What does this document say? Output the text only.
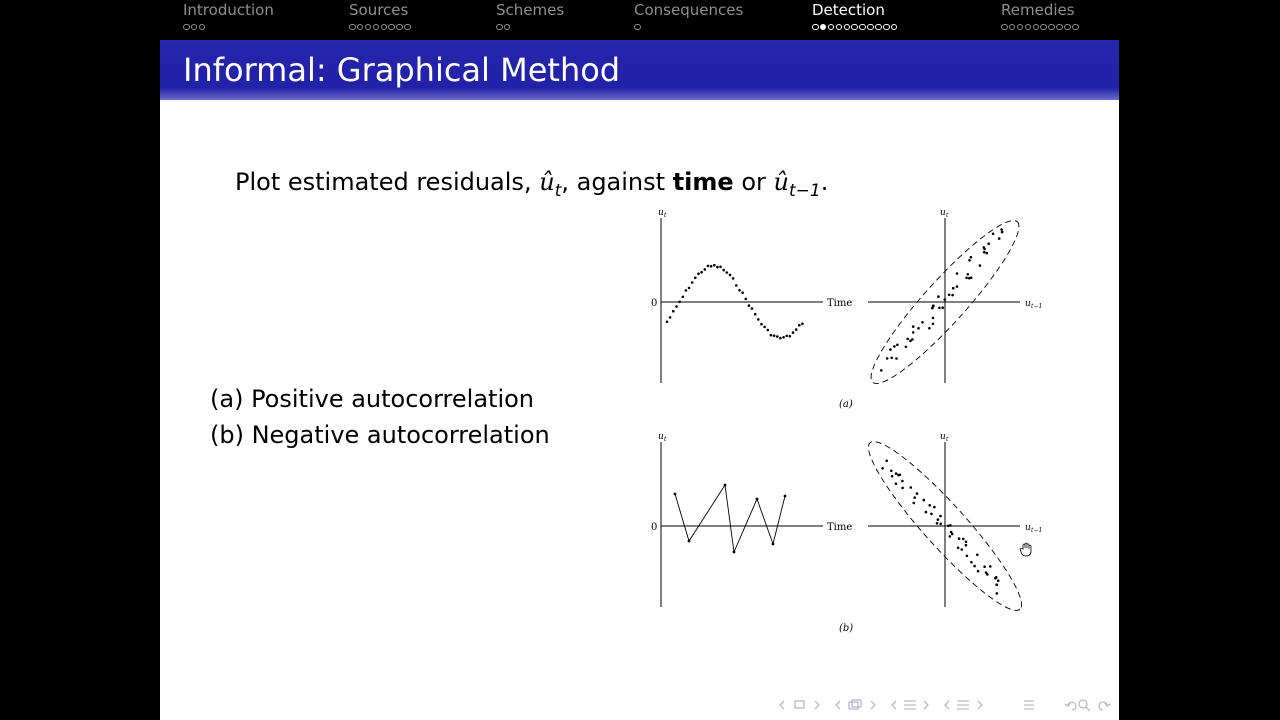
Introduction	Sources	Schemes	Consequences	Detection	Remedies
Informal: Graphical Method
Plot estimated residuals, $û_t$, against time or $û_{t-1}$.
(a) Positive autocorrelation
(b) Negative autocorrelation
u t
0	Time
u t
u t−1
(a)
u t
0	Time
u t
u t−1
(b)
